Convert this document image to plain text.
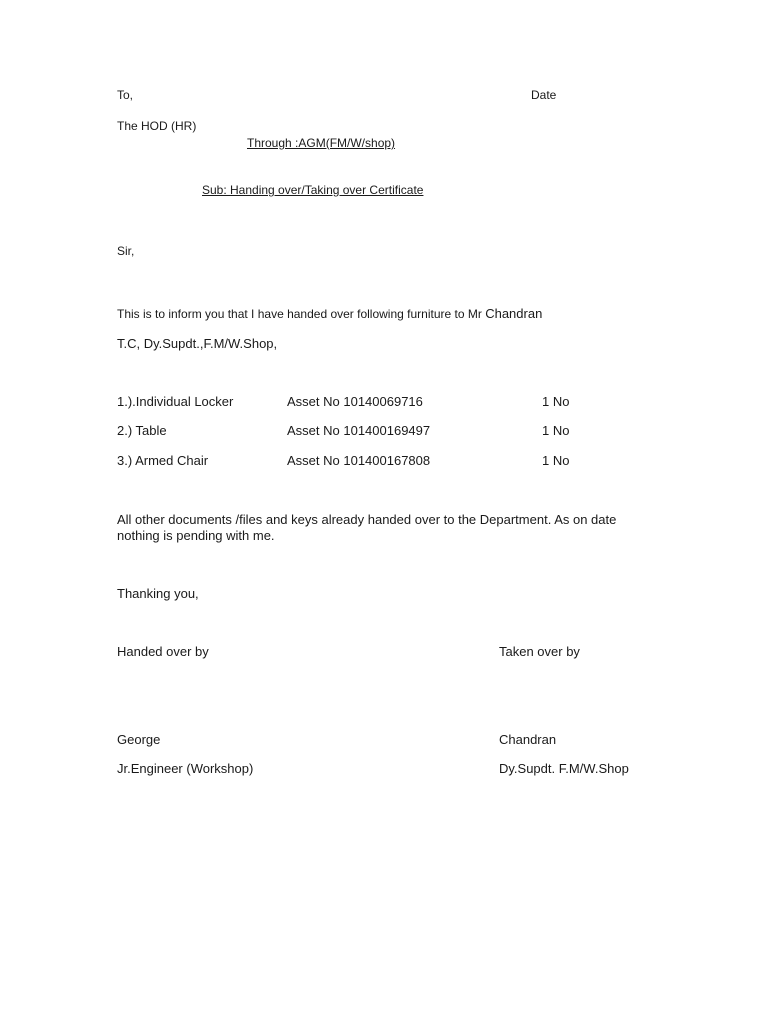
To,	Date
The HOD (HR)
Through :AGM(FM/W/shop)
Sub: Handing over/Taking over Certificate
Sir,
This is to inform you that I have handed over following furniture to Mr Chandran
T.C, Dy.Supdt.,F.M/W.Shop,
1.).Individual Locker	Asset No 10140069716	1 No
2.) Table	Asset No 101400169497	1 No
3.) Armed Chair	Asset No 101400167808	1 No
All other documents /files and keys already handed over to the Department. As on date nothing is pending with me.
Thanking you,
Handed over by	Taken over by
George	Chandran
Jr.Engineer (Workshop)	Dy.Supdt. F.M/W.Shop
